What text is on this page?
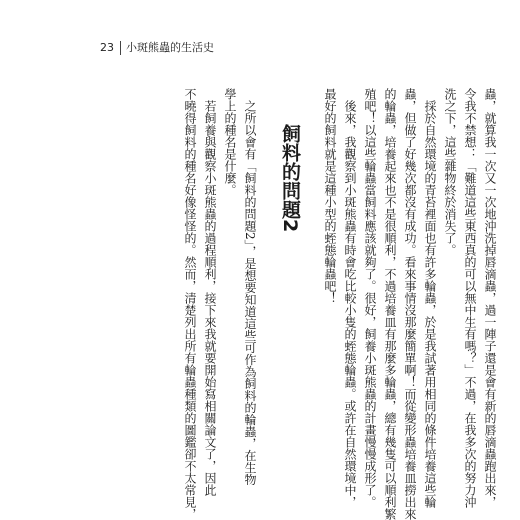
23 小斑熊蟲的生活史
蟲，就算我一次又一次地沖洗掉唇滴蟲，過一陣子還是會有新的唇滴蟲跑出來，
令我不禁想：「難道這些東西真的可以無中生有嗎？」不過，在我多次的努力沖
洗之下，這些雜物終於消失了。
　採於自然環境的青苔裡面也有許多輪蟲，於是我試著用相同的條件培養這些輪
蟲，但做了好幾次都沒有成功。看來事情沒那麼簡單啊！而從變形蟲培養皿撈出來
的輪蟲，培養起來也不是很順利，不過培養皿有那麼多輪蟲，總有幾隻可以順利繁
殖吧！以這些輪蟲當飼料應該就夠了。很好，飼養小斑熊蟲的計畫慢慢成形了。
　後來，我觀察到小斑熊蟲有時會吃比較小隻的蛭態輪蟲。或許在自然環境中，
最好的飼料就是這種小型的蛭態輪蟲吧！
飼料的問題2
　之所以會有「飼料的問題2」，是想要知道這些可作為飼料的輪蟲，在生物
學上的種名是什麼。
　若飼養與觀察小斑熊蟲的過程順利，接下來我就要開始寫相關論文了，因此
不曉得飼料的種名好像怪怪的。然而，清楚列出所有輪蟲種類的圖鑑卻不太常見，
